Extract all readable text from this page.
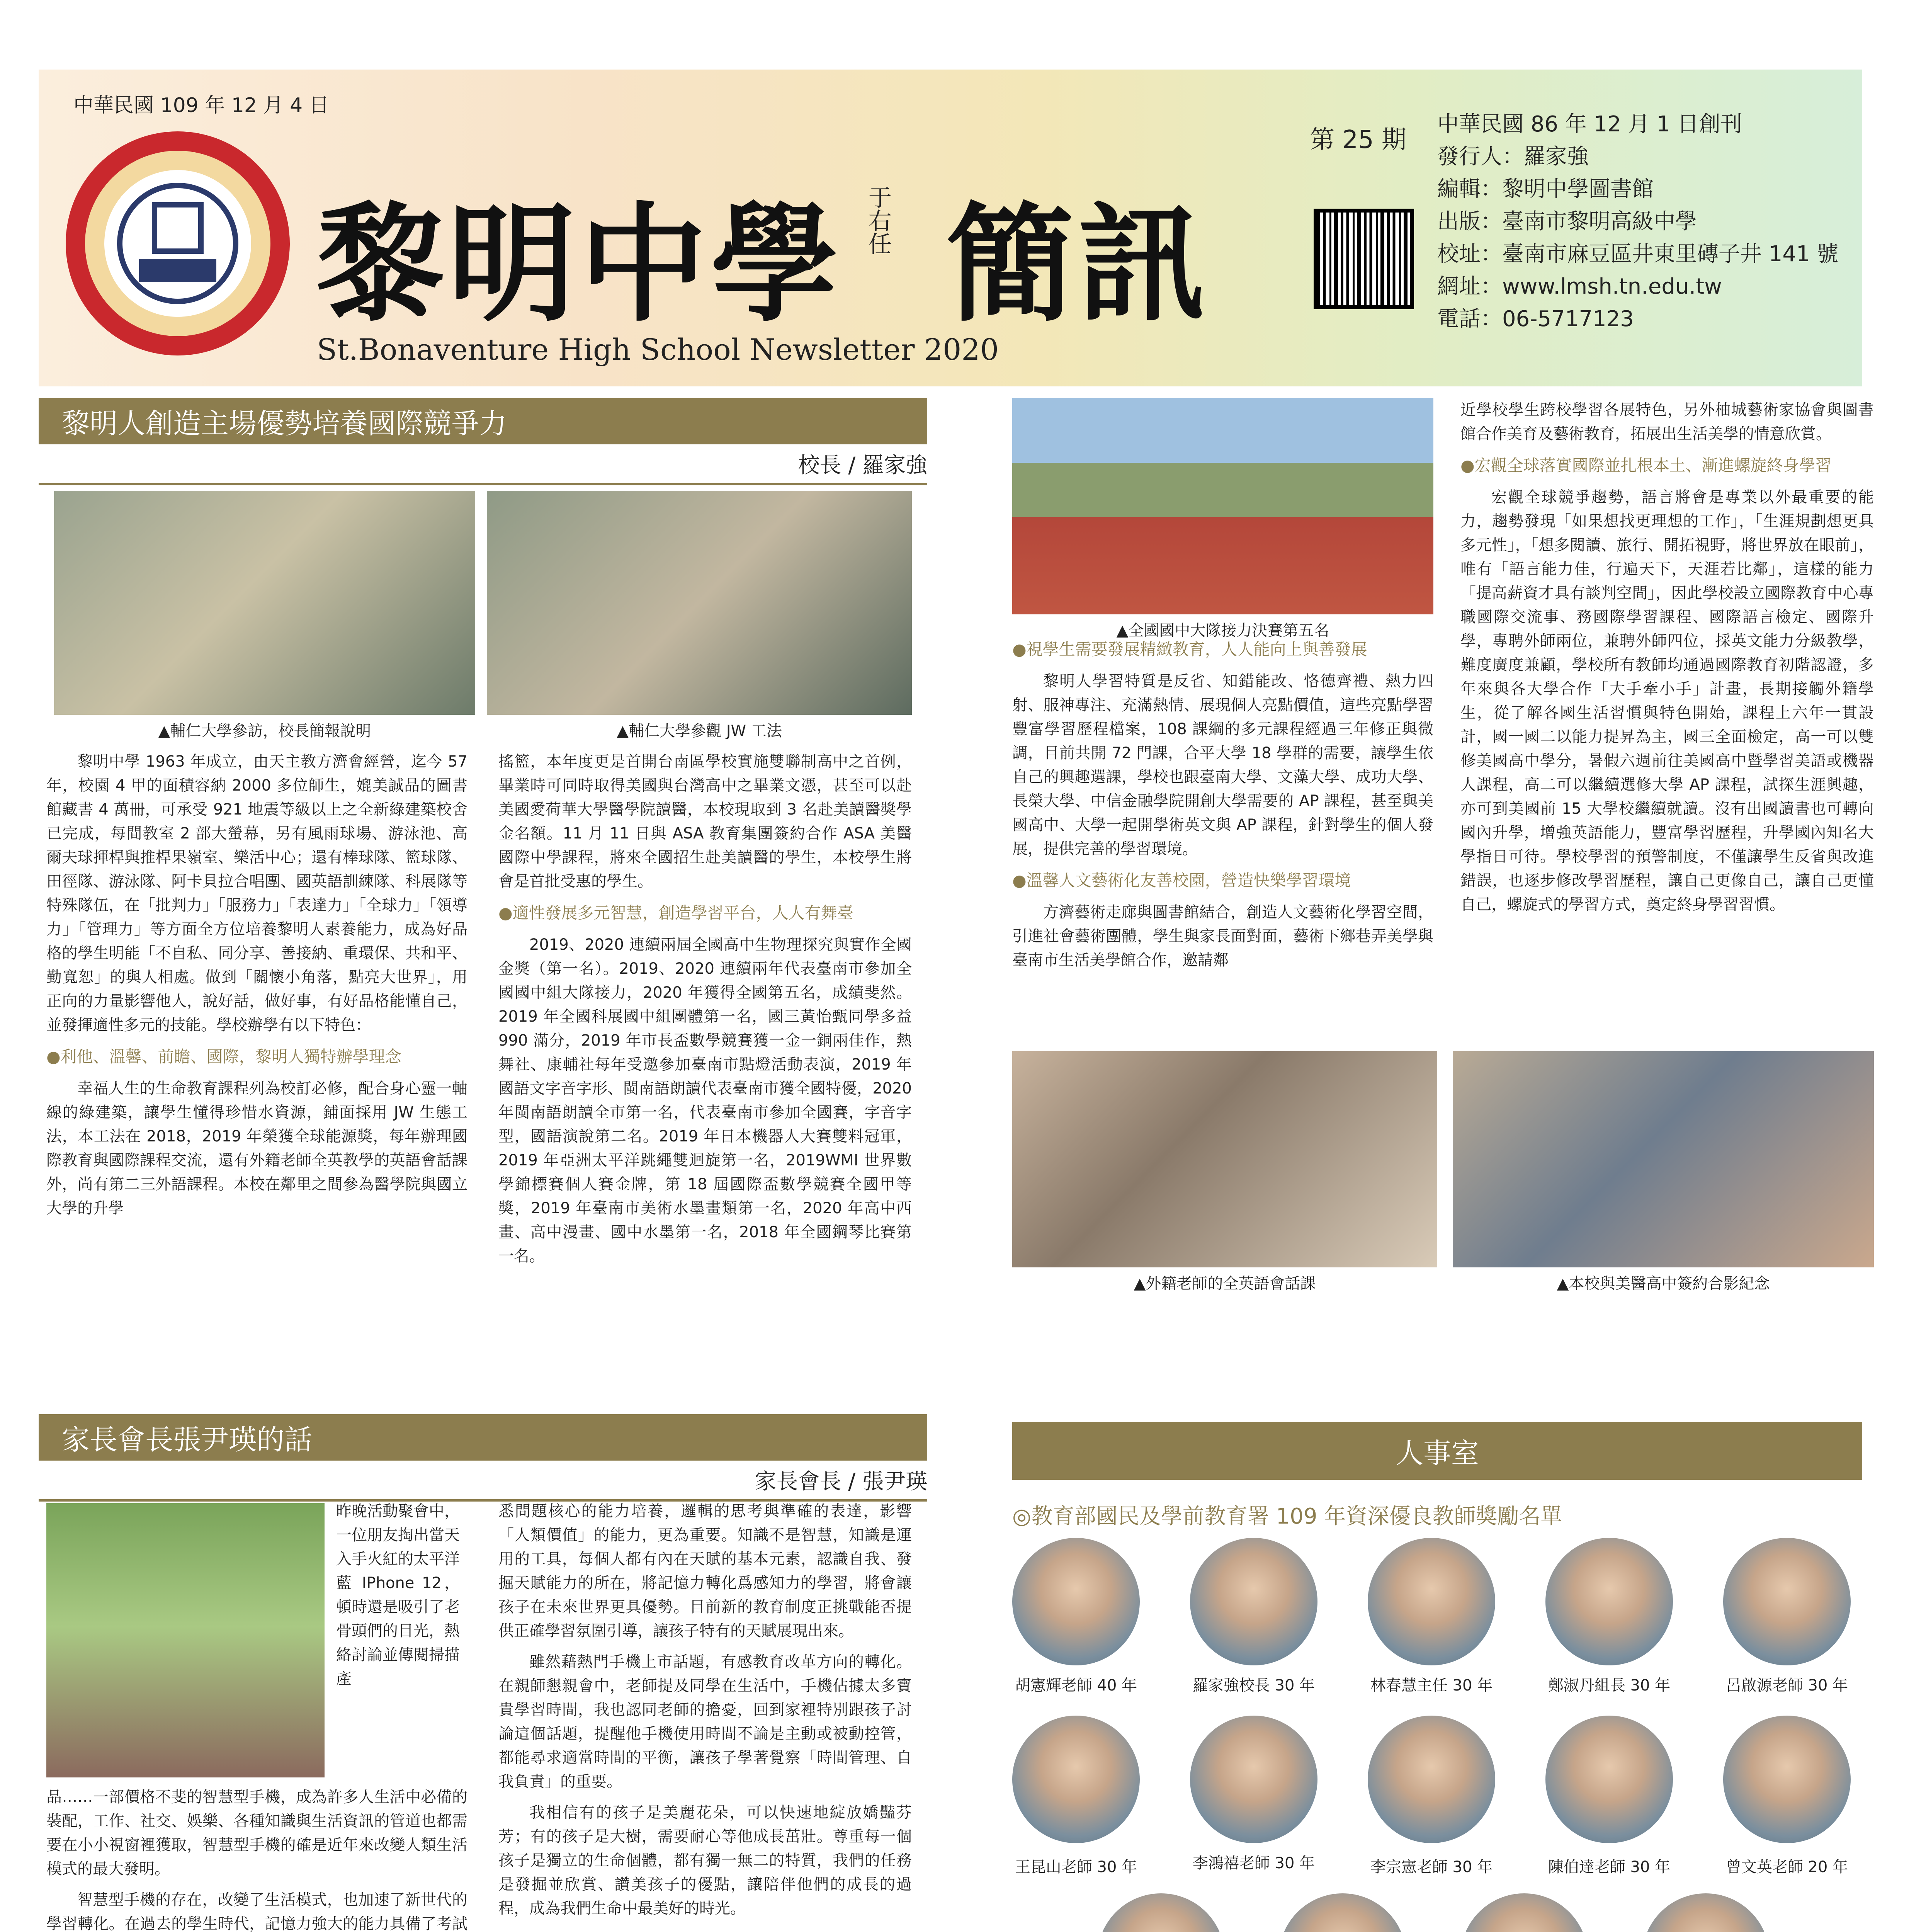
中華民國 109 年 12 月 4 日
黎明中學 于右任 簡訊
St.Bonaventure High School Newsletter 2020
第 25 期
中華民國 86 年 12 月 1 日創刊
發行人：羅家強
編輯：黎明中學圖書館
出版：臺南市黎明高級中學
校址：臺南市麻豆區井東里磚子井 141 號
網址：www.lmsh.tn.edu.tw
電話：06-5717123
黎明人創造主場優勢培養國際競爭力
校長 / 羅家強
▲輔仁大學參訪，校長簡報說明	▲輔仁大學參觀 JW 工法

黎明中學 1963 年成立，由天主教方濟會經營，迄今 57 年，校園 4 甲的面積容納 2000 多位師生，媲美誠品的圖書館藏書 4 萬冊，可承受 921 地震等級以上之全新綠建築校舍已完成，每間教室 2 部大螢幕，另有風雨球場、游泳池、高爾夫球揮桿與推桿果嶺室、樂活中心；還有棒球隊、籃球隊、田徑隊、游泳隊、阿卡貝拉合唱團、國英語訓練隊、科展隊等特殊隊伍，在「批判力」「服務力」「表達力」「全球力」「領導力」「管理力」等方面全方位培養黎明人素養能力，成為好品格的學生明能「不自私、同分享、善接納、重環保、共和平、勤寬恕」的與人相處。做到「關懷小角落，點亮大世界」，用正向的力量影響他人，說好話，做好事，有好品格能懂自己，並發揮適性多元的技能。學校辦學有以下特色：

●利他、溫馨、前瞻、國際，黎明人獨特辦學理念

幸福人生的生命教育課程列為校訂必修，配合身心靈一軸線的綠建築，讓學生懂得珍惜水資源，鋪面採用 JW 生態工法，本工法在 2018，2019 年榮獲全球能源獎，每年辦理國際教育與國際課程交流，還有外籍老師全英教學的英語會話課外，尚有第二三外語課程。本校在鄰里之間參為醫學院與國立大學的升學

搖籃，本年度更是首開台南區學校實施雙聯制高中之首例，畢業時可同時取得美國與台灣高中之畢業文憑，甚至可以赴美國愛荷華大學醫學院讀醫，本校現取到 3 名赴美讀醫獎學金名額。11 月 11 日與 ASA 教育集團簽約合作 ASA 美醫國際中學課程，將來全國招生赴美讀醫的學生，本校學生將會是首批受惠的學生。

●適性發展多元智慧，創造學習平台，人人有舞臺

2019、2020 連續兩屆全國高中生物理探究與實作全國金獎（第一名）。2019、2020 連續兩年代表臺南市參加全國國中組大隊接力，2020 年獲得全國第五名，成績斐然。2019 年全國科展國中組團體第一名，國三黃怡甄同學多益 990 滿分，2019 年市長盃數學競賽獲一金一銅兩佳作，熱舞社、康輔社每年受邀參加臺南市點燈活動表演，2019 年國語文字音字形、閩南語朗讀代表臺南市獲全國特優，2020 年閩南語朗讀全市第一名，代表臺南市參加全國賽，字音字型，國語演說第二名。2019 年日本機器人大賽雙料冠軍，2019 年亞洲太平洋跳繩雙迴旋第一名，2019WMI 世界數學錦標賽個人賽金牌，第 18 屆國際盃數學競賽全國甲等獎，2019 年臺南市美術水墨畫類第一名，2020 年高中西畫、高中漫畫、國中水墨第一名，2018 年全國鋼琴比賽第一名。

▲全國國中大隊接力決賽第五名
●視學生需要發展精緻教育，人人能向上與善發展

黎明人學習特質是反省、知錯能改、恪德齊禮、熱力四射、服神專注、充滿熱情、展現個人亮點價值，這些亮點學習豐富學習歷程檔案，108 課綱的多元課程經過三年修正與微調，目前共開 72 門課，合平大學 18 學群的需要，讓學生依自己的興趣選課，學校也跟臺南大學、文藻大學、成功大學、長榮大學、中信金融學院開創大學需要的 AP 課程，甚至與美國高中、大學一起開學術英文與 AP 課程，針對學生的個人發展，提供完善的學習環境。

●溫馨人文藝術化友善校園，營造快樂學習環境

方濟藝術走廊與圖書館結合，創造人文藝術化學習空間，引進社會藝術團體，學生與家長面對面，藝術下鄉巷弄美學與臺南市生活美學館合作，邀請鄰

近學校學生跨校學習各展特色，另外柚城藝術家協會與圖書館合作美育及藝術教育，拓展出生活美學的情意欣賞。

●宏觀全球落實國際並扎根本土、漸進螺旋終身學習

宏觀全球競爭趨勢，語言將會是專業以外最重要的能力，趨勢發現「如果想找更理想的工作」，「生涯規劃想更具多元性」，「想多閱讀、旅行、開拓視野，將世界放在眼前」，唯有「語言能力佳，行遍天下，天涯若比鄰」，這樣的能力「提高薪資才具有談判空間」，因此學校設立國際教育中心專職國際交流事、務國際學習課程、國際語言檢定、國際升學，專聘外師兩位，兼聘外師四位，採英文能力分級教學，難度廣度兼顧，學校所有教師均通過國際教育初階認證，多年來與各大學合作「大手牽小手」計畫，長期接觸外籍學生，從了解各國生活習慣與特色開始，課程上六年一貫設計，國一國二以能力提昇為主，國三全面檢定，高一可以雙修美國高中學分，暑假六週前往美國高中暨學習美語或機器人課程，高二可以繼續選修大學 AP 課程，試探生涯興趣，亦可到美國前 15 大學校繼續就讀。沒有出國讀書也可轉向國內升學，增強英語能力，豐富學習歷程，升學國內知名大學指日可待。學校學習的預警制度，不僅讓學生反省與改進錯誤，也逐步修改學習歷程，讓自己更像自己，讓自己更懂自己，螺旋式的學習方式，奠定終身學習習慣。

▲外籍老師的全英語會話課	▲本校與美醫高中簽約合影紀念
家長會長張尹瑛的話
家長會長 / 張尹瑛
昨晚活動聚會中，一位朋友掏出當天入手火紅的太平洋藍 IPhone 12，頓時還是吸引了老骨頭們的目光，熱絡討論並傳閱掃描產

品……一部價格不斐的智慧型手機，成為許多人生活中必備的裝配，工作、社交、娛樂、各種知識與生活資訊的管道也都需要在小小視窗裡獲取，智慧型手機的確是近年來改變人類生活模式的最大發明。

智慧型手機的存在，改變了生活模式，也加速了新世代的學習轉化。在過去的學生時代，記憶力強大的能力具備了考試

悉問題核心的能力培養，邏輯的思考與準確的表達，影響「人類價值」的能力，更為重要。知識不是智慧，知識是運用的工具，每個人都有內在天賦的基本元素，認識自我、發掘天賦能力的所在，將記憶力轉化爲感知力的學習，將會讓孩子在未來世界更具優勢。目前新的教育制度正挑戰能否提供正確學習氛圍引導，讓孩子特有的天賦展現出來。

雖然藉熱門手機上市話題，有感教育改革方向的轉化。在親師懇親會中，老師提及同學在生活中，手機佔據太多寶貴學習時間，我也認同老師的擔憂，回到家裡特別跟孩子討論這個話題，提醒他手機使用時間不論是主動或被動控管，都能尋求適當時間的平衡，讓孩子學著覺察「時間管理、自我負責」的重要。

我相信有的孩子是美麗花朵，可以快速地綻放嬌豔芬芳；有的孩子是大樹，需要耐心等他成長茁壯。尊重每一個孩子是獨立的生命個體，都有獨一無二的特質，我們的任務是發掘並欣賞、讚美孩子的優點，讓陪伴他們的成長的過程，成為我們生命中最美好的時光。

人事室
◎教育部國民及學前教育署 109 年資深優良教師獎勵名單
胡憲輝老師 40 年	羅家強校長 30 年	林春慧主任 30 年	鄭淑丹組長 30 年	呂啟源老師 30 年
王昆山老師 30 年	李鴻禧老師 30 年	李宗憲老師 30 年	陳伯達老師 30 年	曾文英老師 20 年
